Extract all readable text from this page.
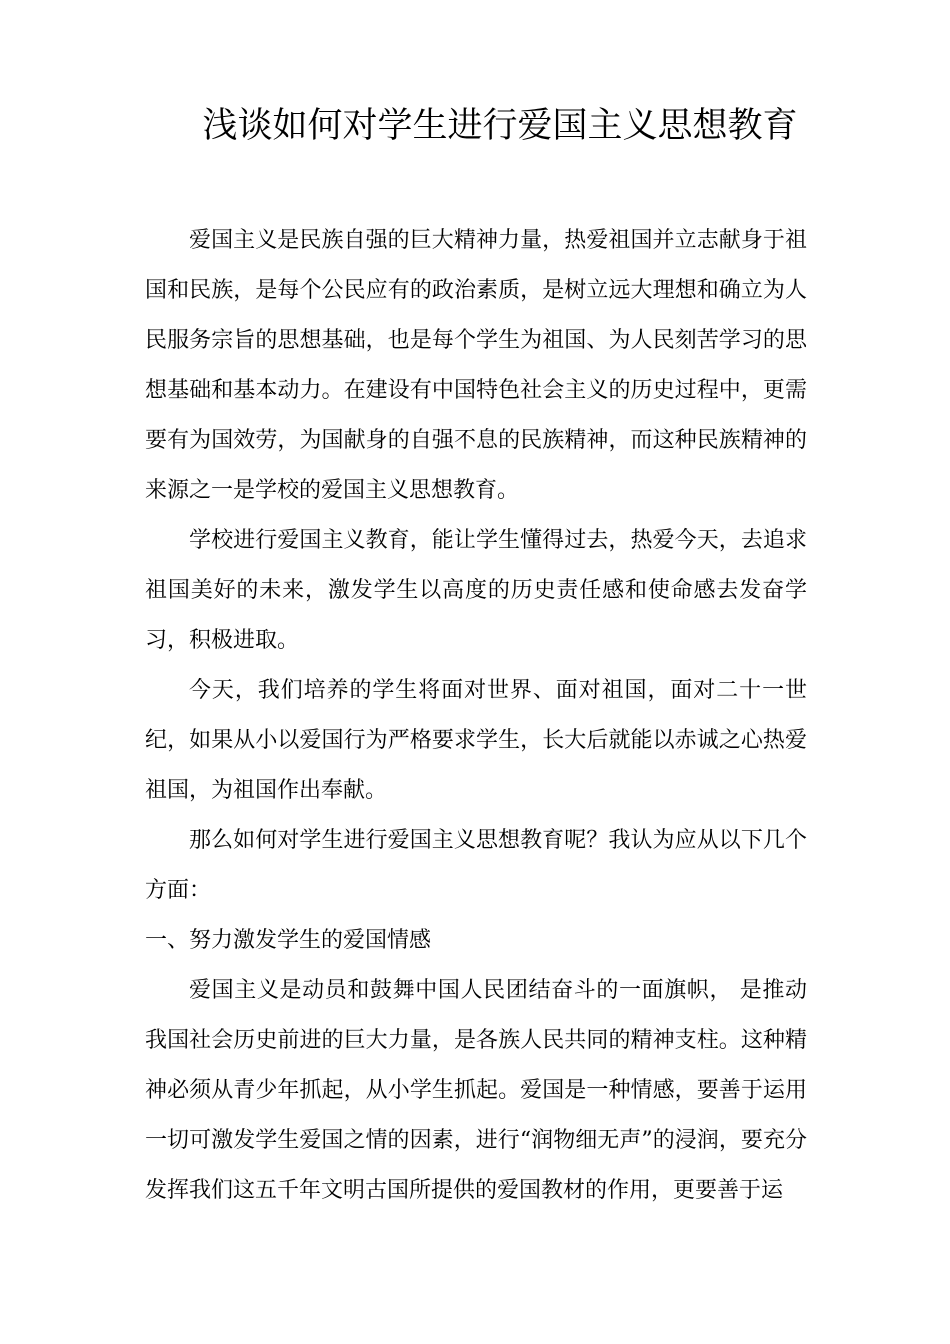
浅谈如何对学生进行爱国主义思想教育

爱国主义是民族自强的巨大精神力量，热爱祖国并立志献身于祖国和民族，是每个公民应有的政治素质，是树立远大理想和确立为人民服务宗旨的思想基础，也是每个学生为祖国、为人民刻苦学习的思想基础和基本动力。在建设有中国特色社会主义的历史过程中，更需要有为国效劳，为国献身的自强不息的民族精神，而这种民族精神的来源之一是学校的爱国主义思想教育。

学校进行爱国主义教育，能让学生懂得过去，热爱今天，去追求祖国美好的未来，激发学生以高度的历史责任感和使命感去发奋学习，积极进取。

今天，我们培养的学生将面对世界、面对祖国，面对二十一世纪，如果从小以爱国行为严格要求学生，长大后就能以赤诚之心热爱祖国，为祖国作出奉献。

那么如何对学生进行爱国主义思想教育呢？我认为应从以下几个方面：

一、努力激发学生的爱国情感

爱国主义是动员和鼓舞中国人民团结奋斗的一面旗帜， 是推动我国社会历史前进的巨大力量，是各族人民共同的精神支柱。这种精神必须从青少年抓起，从小学生抓起。爱国是一种情感，要善于运用一切可激发学生爱国之情的因素，进行“润物细无声”的浸润，要充分发挥我们这五千年文明古国所提供的爱国教材的作用，更要善于运
